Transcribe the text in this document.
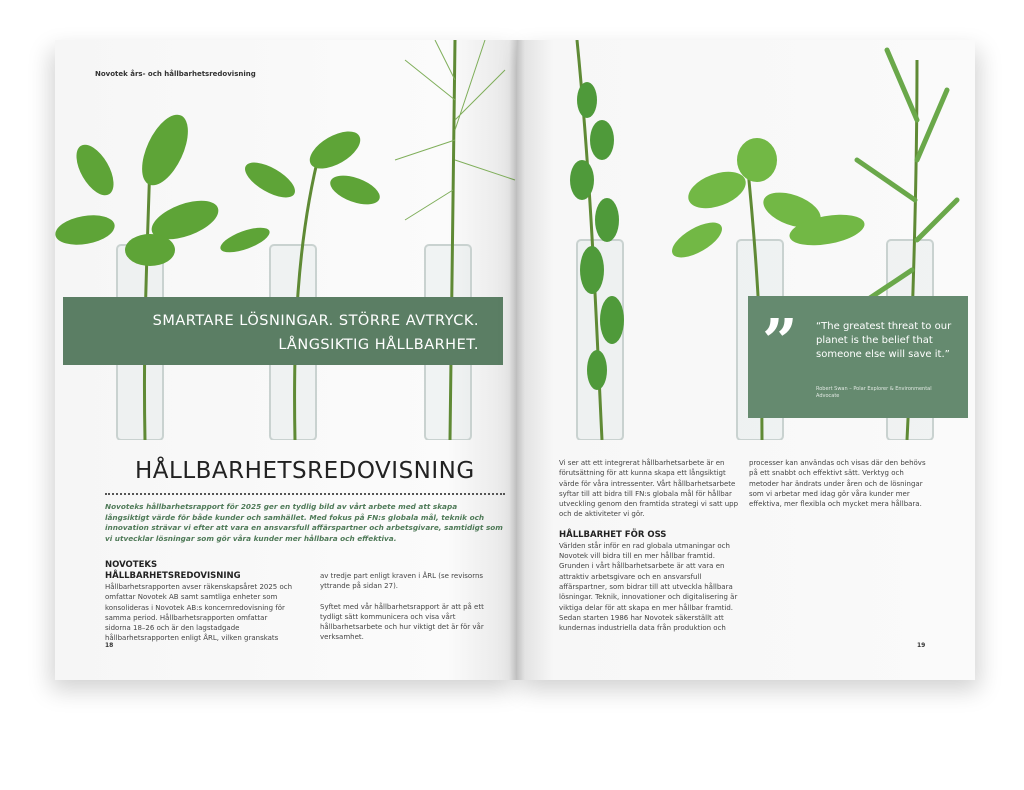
Novotek års- och hållbarhetsredovisning
SMARTARE LÖSNINGAR. STÖRRE AVTRYCK.
LÅNGSIKTIG HÅLLBARHET.
HÅLLBARHETSREDOVISNING
Novoteks hållbarhetsrapport för 2025 ger en tydlig bild av vårt arbete med att skapa långsiktigt värde för både kunder och samhället. Med fokus på FN:s globala mål, teknik och innovation strävar vi efter att vara en ansvarsfull affärspartner och arbetsgivare, samtidigt som vi utvecklar lösningar som gör våra kunder mer hållbara och effektiva.
NOVOTEKS HÅLLBARHETSREDOVISNING

Hållbarhetsrapporten avser räkenskapsåret 2025 och omfattar Novotek AB samt samtliga enheter som konsolideras i Novotek AB:s koncernredovisning för samma period. Hållbarhetsrapporten omfattar sidorna 18–26 och är den lagstadgade hållbarhetsrapporten enligt ÅRL, vilken granskats

av tredje part enligt kraven i ÅRL (se revisorns yttrande på sidan 27).

Syftet med vår hållbarhetsrapport är att på ett tydligt sätt kommunicera och visa vårt hållbarhetsarbete och hur viktigt det är för vår verksamhet.

18
” “The greatest threat to our planet is the belief that someone else will save it.”
Robert Swan – Polar Explorer & Environmental Advocate

Vi ser att ett integrerat hållbarhetsarbete är en förutsättning för att kunna skapa ett långsiktigt värde för våra intressenter. Vårt hållbarhetsarbete syftar till att bidra till FN:s globala mål för hållbar utveckling genom den framtida strategi vi satt upp och de aktiviteter vi gör.

HÅLLBARHET FÖR OSS

Världen står inför en rad globala utmaningar och Novotek vill bidra till en mer hållbar framtid. Grunden i vårt hållbarhetsarbete är att vara en attraktiv arbetsgivare och en ansvarsfull affärspartner, som bidrar till att utveckla hållbara lösningar. Teknik, innovationer och digitalisering är viktiga delar för att skapa en mer hållbar framtid. Sedan starten 1986 har Novotek säkerställt att kundernas industriella data från produktion och

processer kan användas och visas där den behövs på ett snabbt och effektivt sätt. Verktyg och metoder har ändrats under åren och de lösningar som vi arbetar med idag gör våra kunder mer effektiva, mer flexibla och mycket mera hållbara.

19
